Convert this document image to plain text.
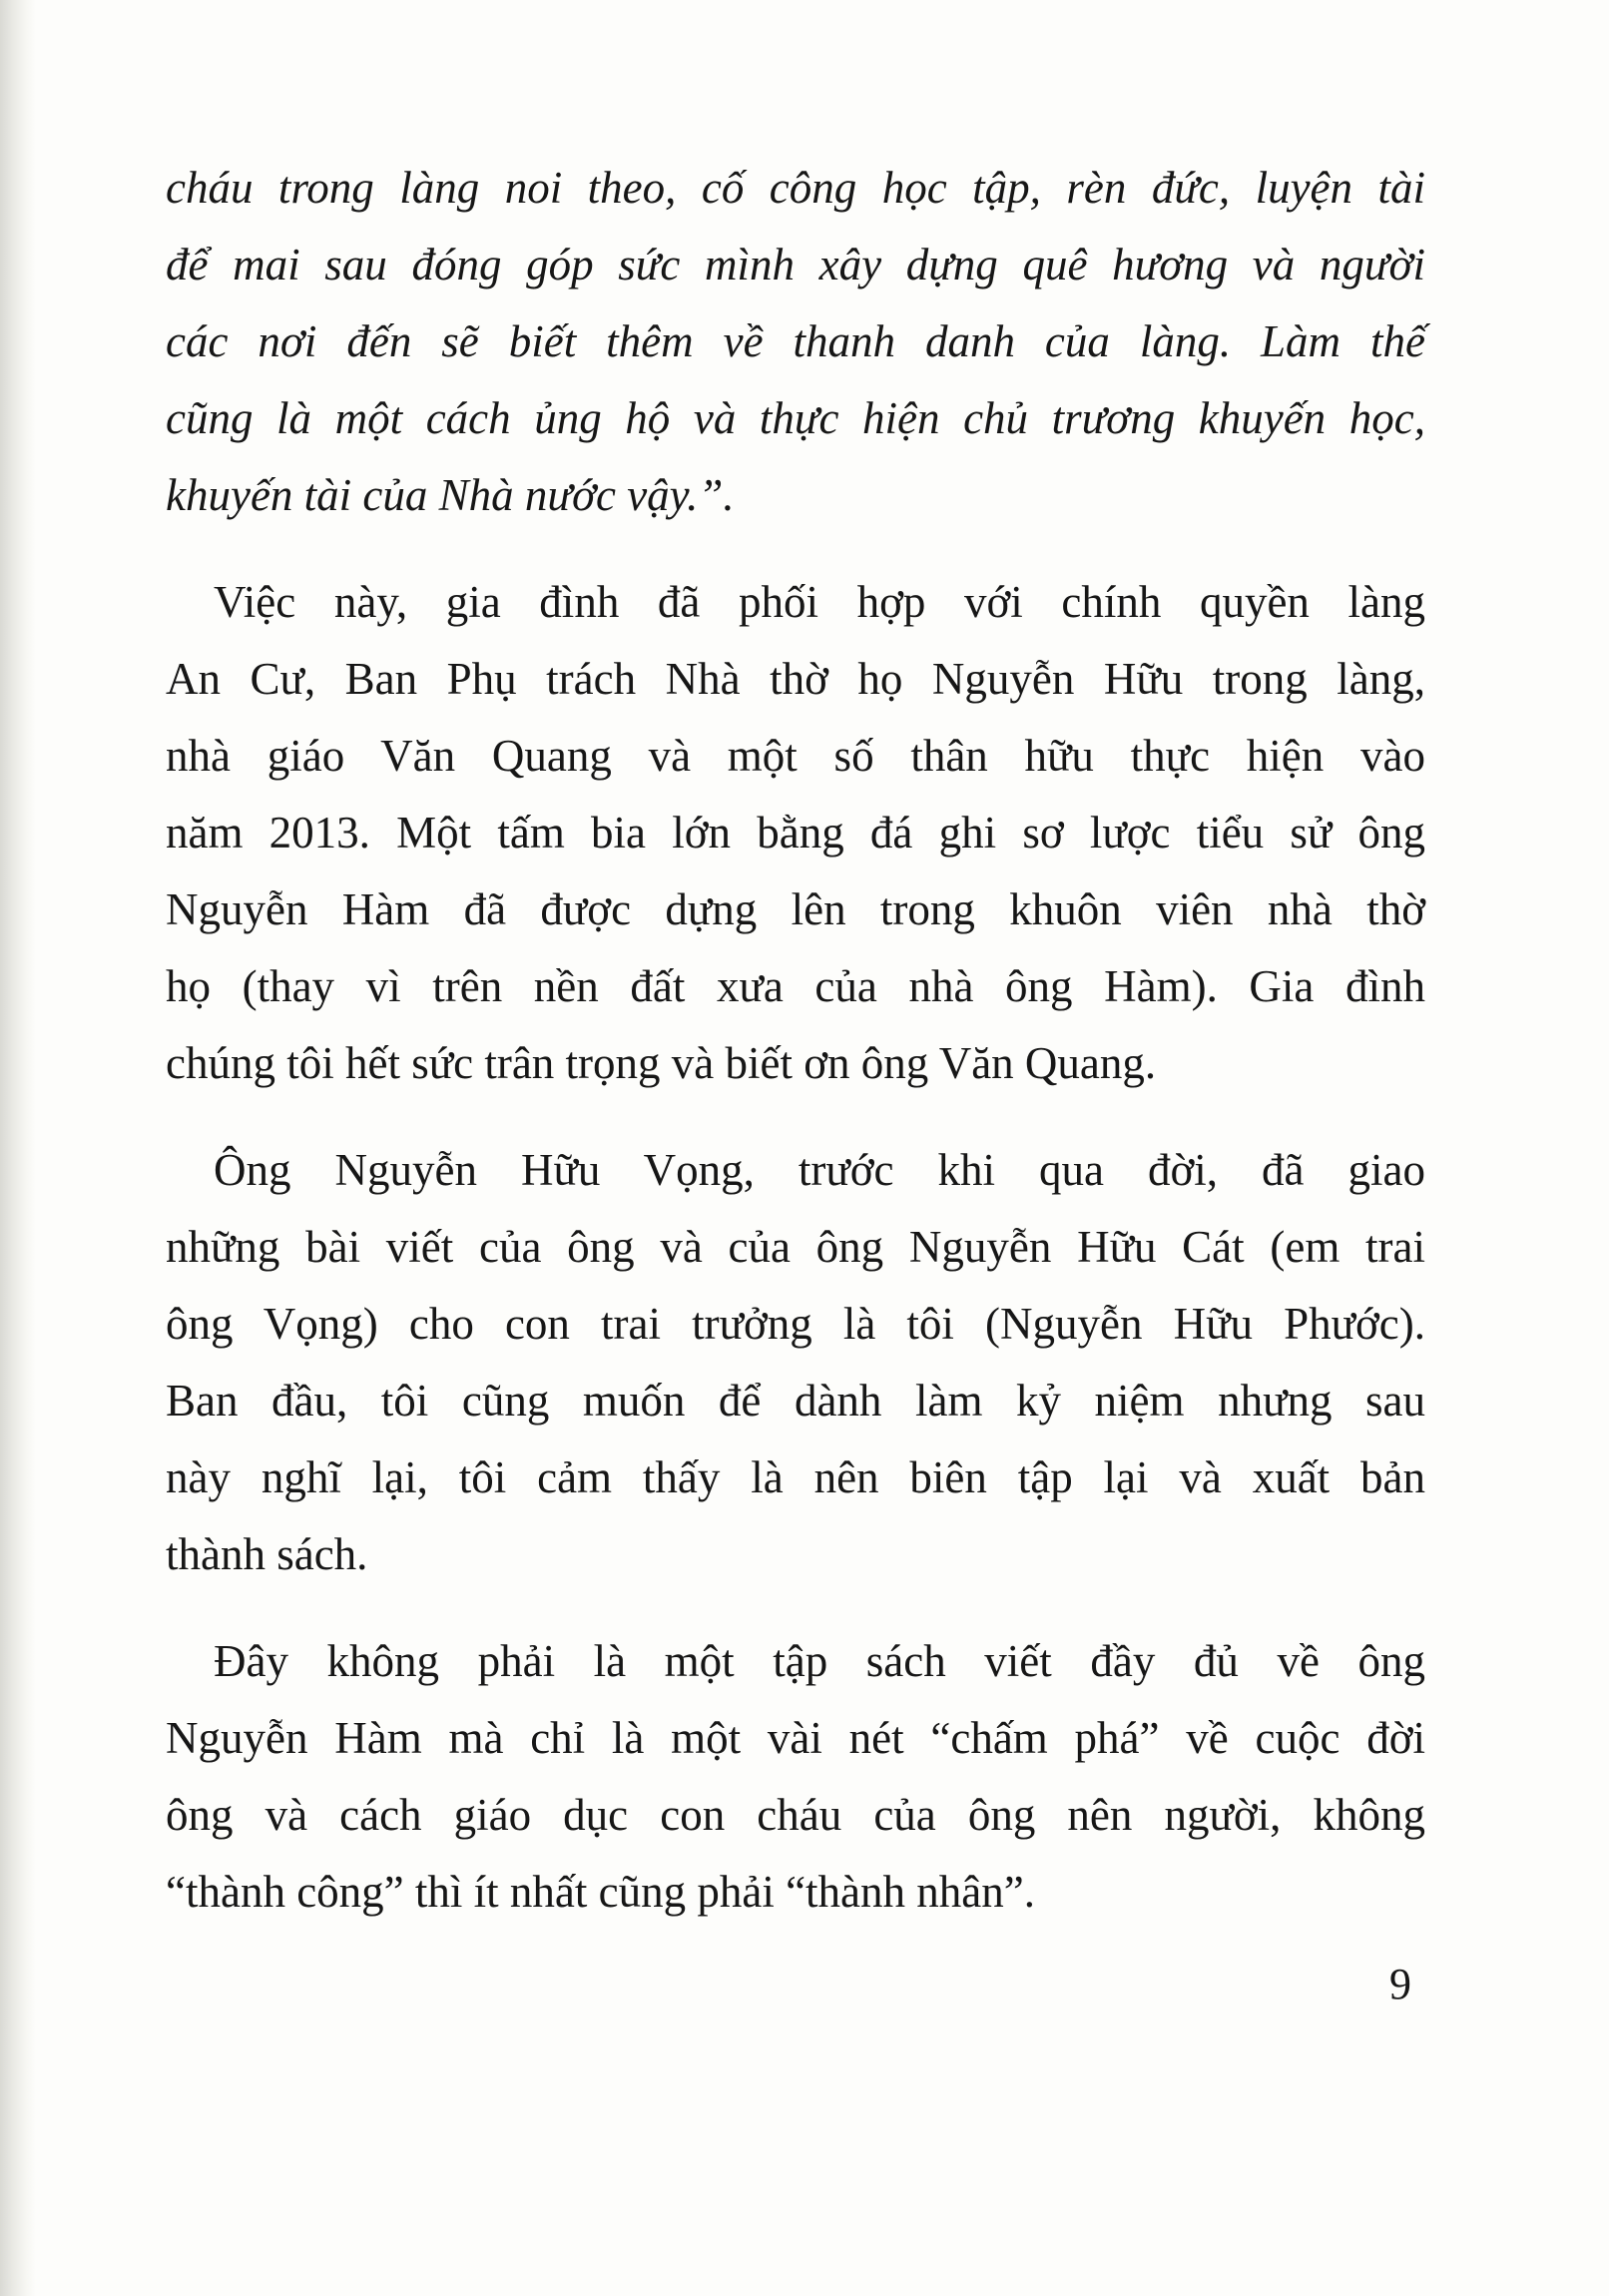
cháu trong làng noi theo, cố công học tập, rèn đức, luyện tài
để mai sau đóng góp sức mình xây dựng quê hương và người
các nơi đến sẽ biết thêm về thanh danh của làng. Làm thế
cũng là một cách ủng hộ và thực hiện chủ trương khuyến học,
khuyến tài của Nhà nước vậy.”.

Việc này, gia đình đã phối hợp với chính quyền làng
An Cư, Ban Phụ trách Nhà thờ họ Nguyễn Hữu trong làng,
nhà giáo Văn Quang và một số thân hữu thực hiện vào
năm 2013. Một tấm bia lớn bằng đá ghi sơ lược tiểu sử ông
Nguyễn Hàm đã được dựng lên trong khuôn viên nhà thờ
họ (thay vì trên nền đất xưa của nhà ông Hàm). Gia đình
chúng tôi hết sức trân trọng và biết ơn ông Văn Quang.

Ông Nguyễn Hữu Vọng, trước khi qua đời, đã giao
những bài viết của ông và của ông Nguyễn Hữu Cát (em trai
ông Vọng) cho con trai trưởng là tôi (Nguyễn Hữu Phước).
Ban đầu, tôi cũng muốn để dành làm kỷ niệm nhưng sau
này nghĩ lại, tôi cảm thấy là nên biên tập lại và xuất bản
thành sách.

Đây không phải là một tập sách viết đầy đủ về ông
Nguyễn Hàm mà chỉ là một vài nét “chấm phá” về cuộc đời
ông và cách giáo dục con cháu của ông nên người, không
“thành công” thì ít nhất cũng phải “thành nhân”.

9
